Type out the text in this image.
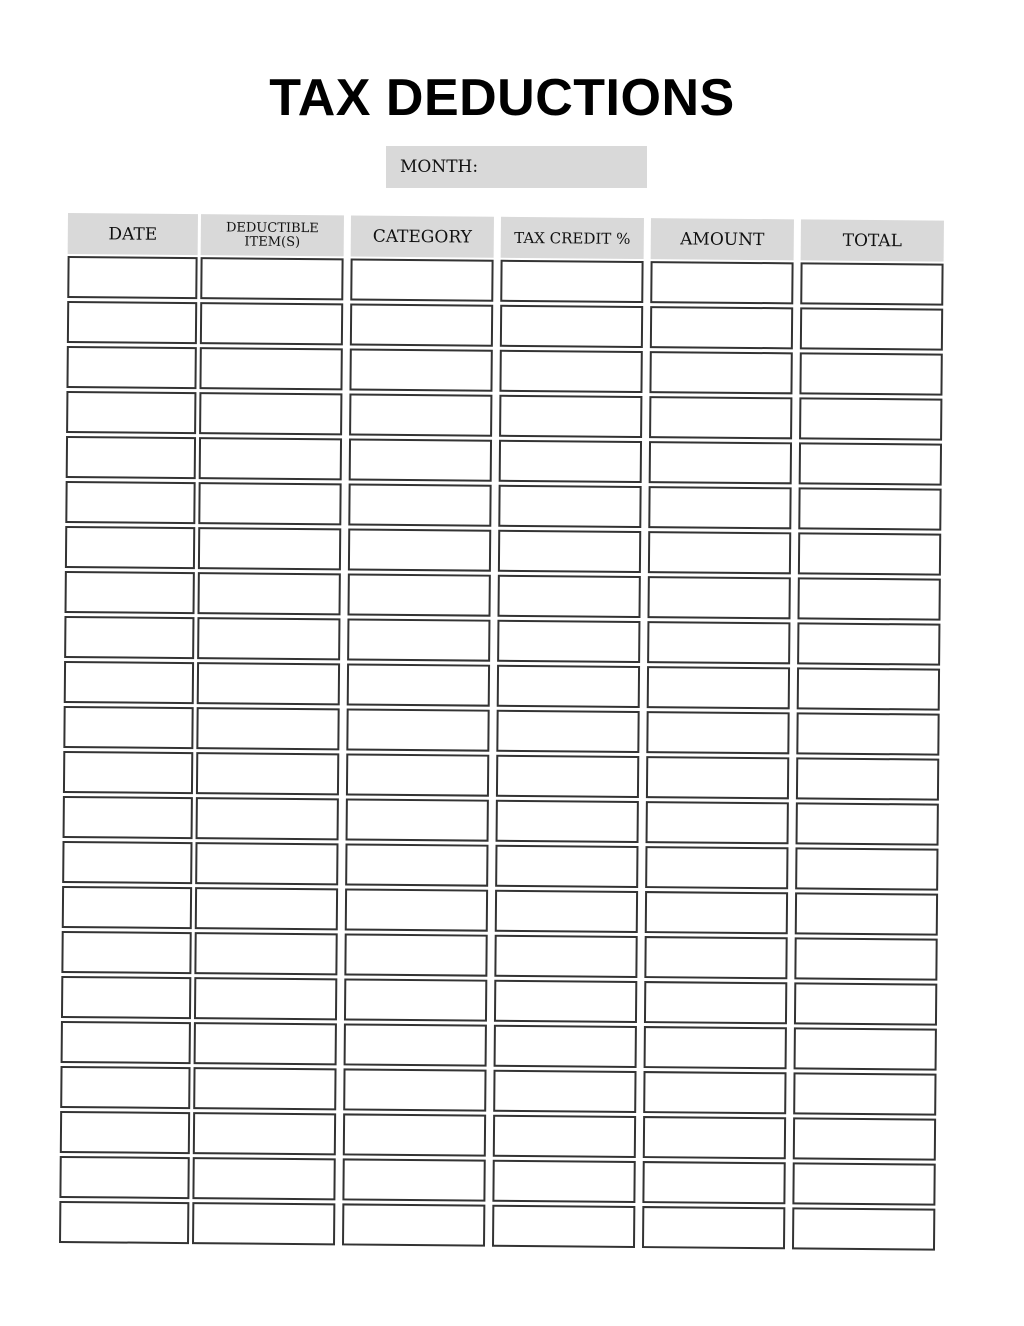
TAX DEDUCTIONS
MONTH:
DATE	DEDUCTIBLE ITEM(S)	CATEGORY	TAX CREDIT %	AMOUNT	TOTAL
